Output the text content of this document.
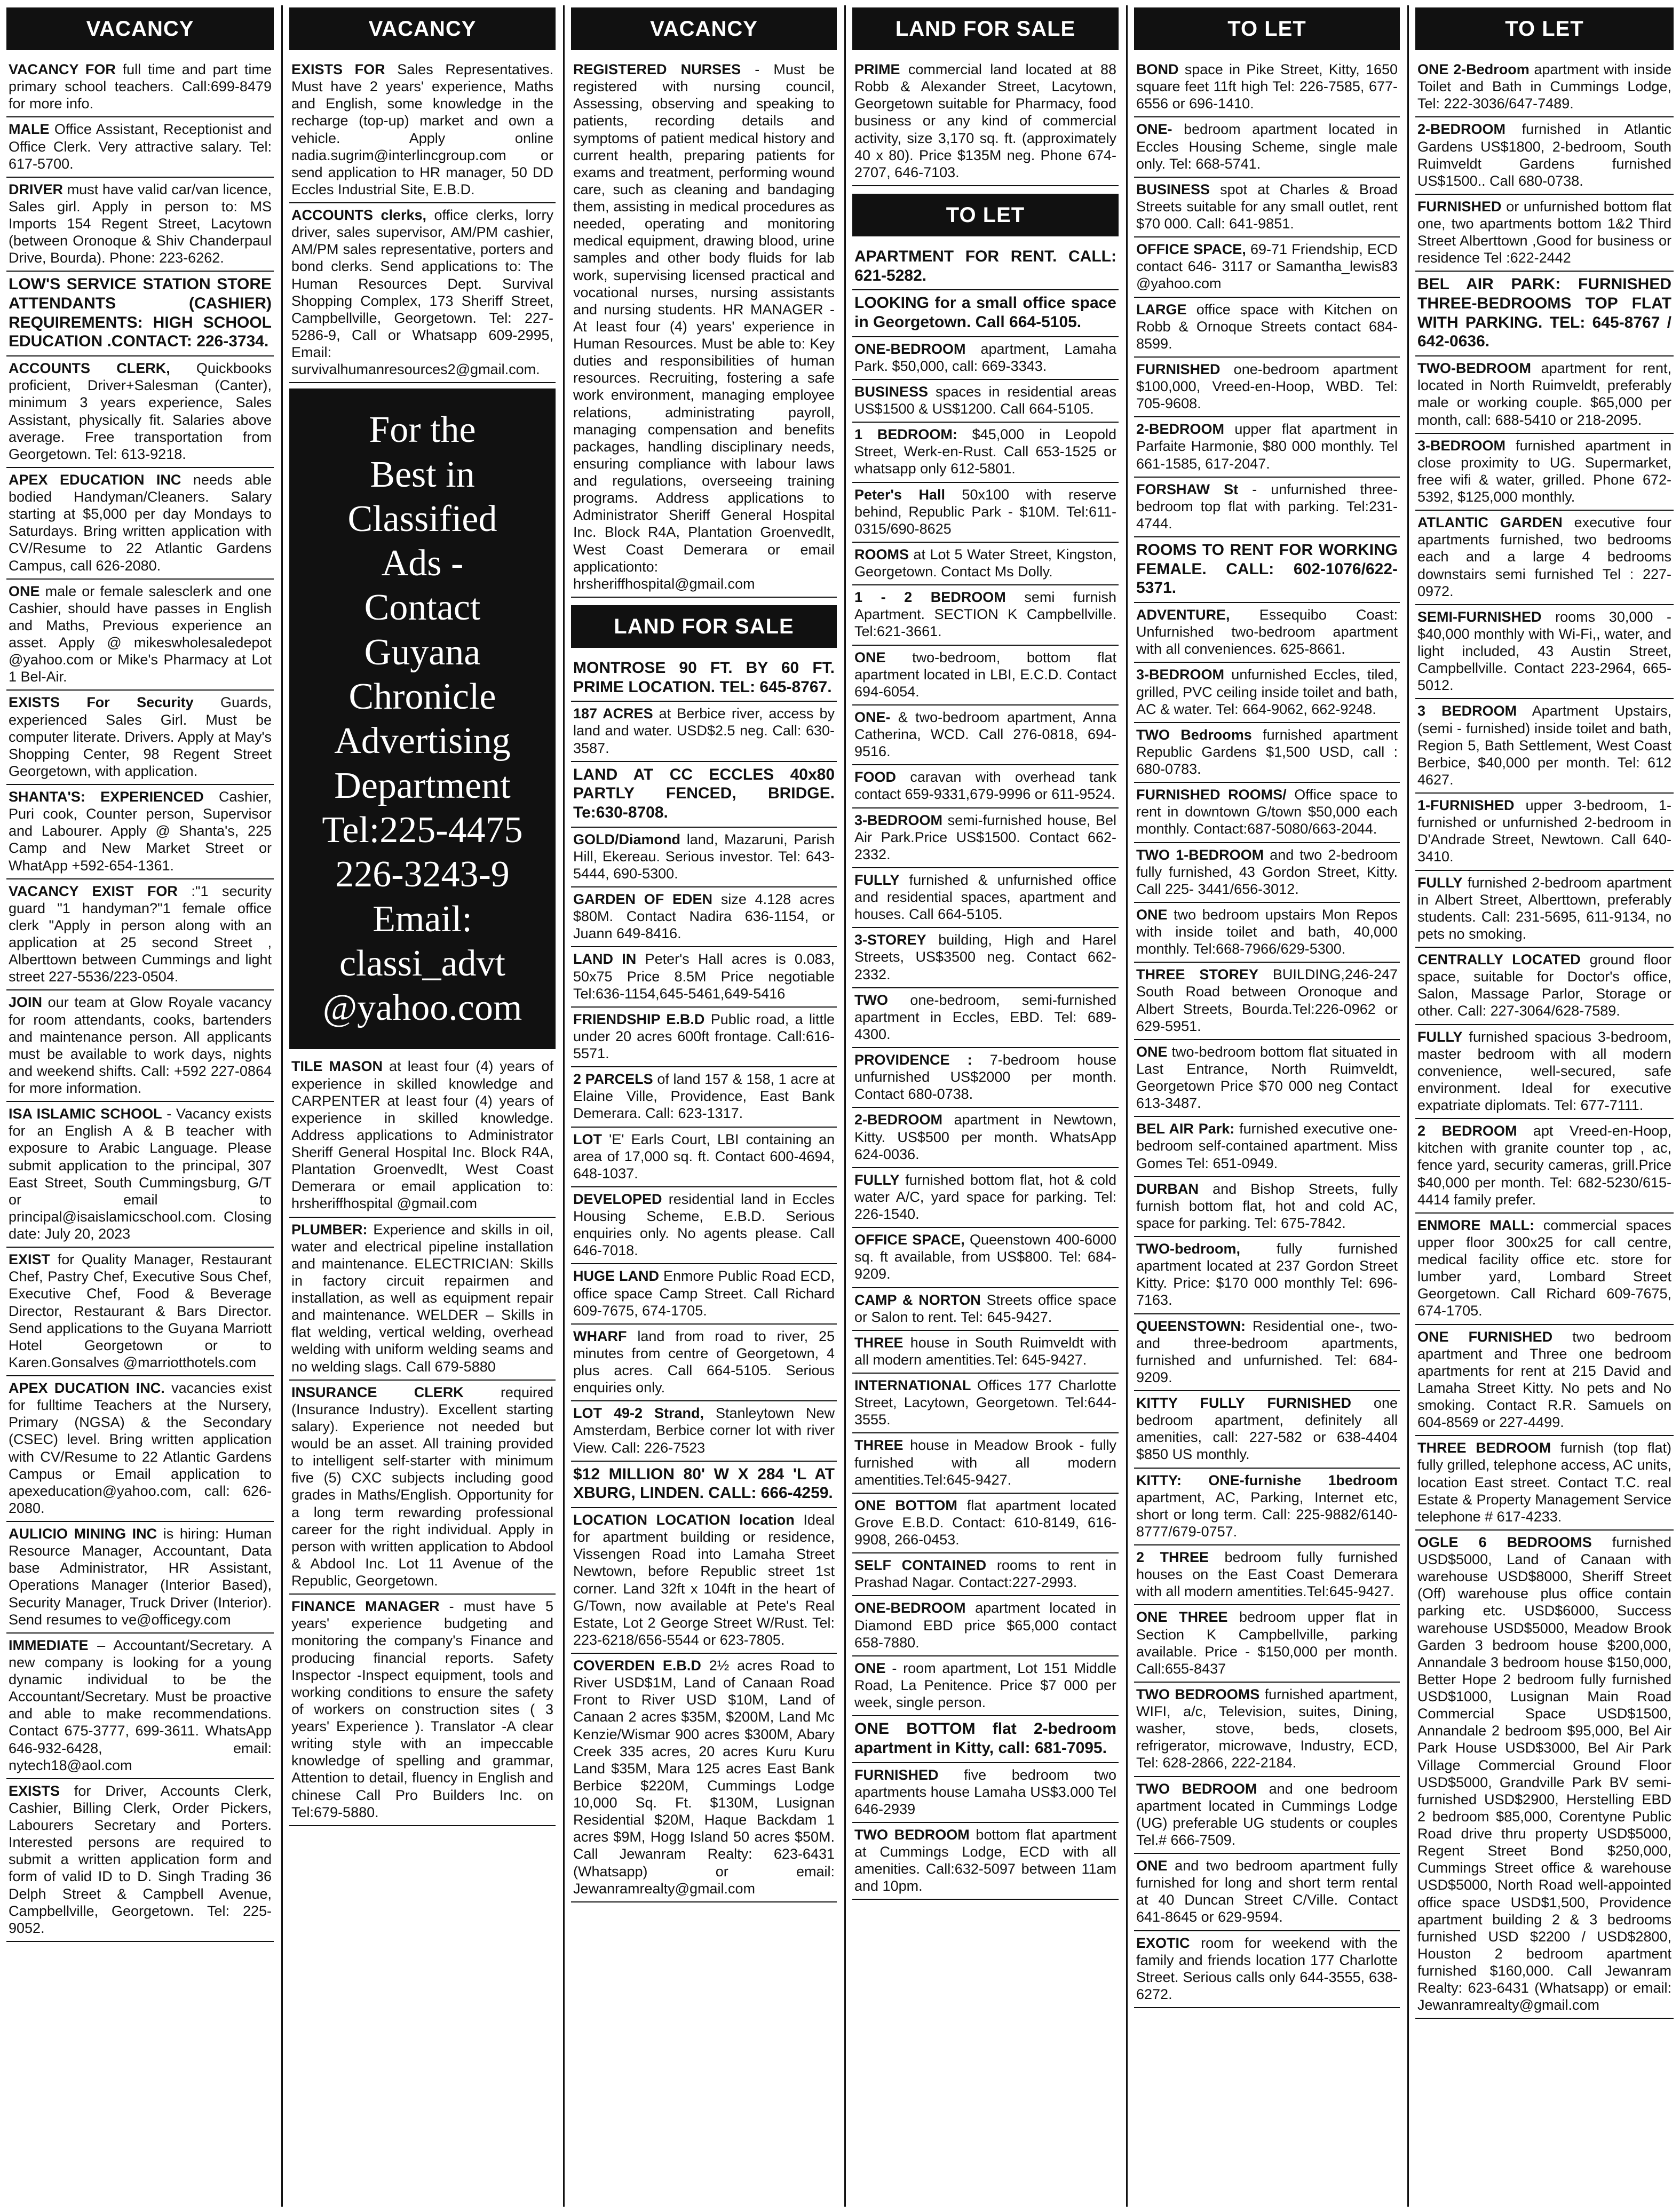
VACANCY

VACANCY FOR full time and part time primary school teachers. Call:699-8479 for more info.

MALE Office Assistant, Receptionist and Office Clerk. Very attractive salary. Tel: 617-5700.

DRIVER must have valid car/van licence, Sales girl. Apply in person to: MS Imports 154 Regent Street, Lacytown (between Oronoque & Shiv Chanderpaul Drive, Bourda). Phone: 223-6262.

LOW'S SERVICE STATION STORE ATTENDANTS (CASHIER) REQUIREMENTS: HIGH SCHOOL EDUCATION .CONTACT: 226-3734.

ACCOUNTS CLERK, Quickbooks proficient, Driver+Salesman (Canter), minimum 3 years experience, Sales Assistant, physically fit. Salaries above average. Free transportation from Georgetown. Tel: 613-9218.

APEX EDUCATION INC needs able bodied Handyman/Cleaners. Salary starting at $5,000 per day Mondays to Saturdays. Bring written application with CV/Resume to 22 Atlantic Gardens Campus, call 626-2080.

ONE male or female salesclerk and one Cashier, should have passes in English and Maths, Previous experience an asset. Apply @ mikeswholesaledepot @yahoo.com or Mike's Pharmacy at Lot 1 Bel-Air.

EXISTS For Security Guards, experienced Sales Girl. Must be computer literate. Drivers. Apply at May's Shopping Center, 98 Regent Street Georgetown, with application.

SHANTA'S: EXPERIENCED Cashier, Puri cook, Counter person, Supervisor and Labourer. Apply @ Shanta's, 225 Camp and New Market Street or WhatApp +592-654-1361.

VACANCY EXIST FOR :"1 security guard "1 handyman?"1 female office clerk "Apply in person along with an application at 25 second Street , Alberttown between Cummings and light street 227-5536/223-0504.

JOIN our team at Glow Royale vacancy for room attendants, cooks, bartenders and maintenance person. All applicants must be available to work days, nights and weekend shifts. Call: +592 227-0864 for more information.

ISA ISLAMIC SCHOOL - Vacancy exists for an English A & B teacher with exposure to Arabic Language. Please submit application to the principal, 307 East Street, South Cummingsburg, G/T or email to principal@isaislamicschool.com. Closing date: July 20, 2023

EXIST for Quality Manager, Restaurant Chef, Pastry Chef, Executive Sous Chef, Executive Chef, Food & Beverage Director, Restaurant & Bars Director. Send applications to the Guyana Marriott Hotel Georgetown or to Karen.Gonsalves @marriotthotels.com

APEX DUCATION INC. vacancies exist for fulltime Teachers at the Nursery, Primary (NGSA) & the Secondary (CSEC) level. Bring written application with CV/Resume to 22 Atlantic Gardens Campus or Email application to apexeducation@yahoo.com, call: 626-2080.

AULICIO MINING INC is hiring: Human Resource Manager, Accountant, Data base Administrator, HR Assistant, Operations Manager (Interior Based), Security Manager, Truck Driver (Interior). Send resumes to ve@officegy.com

IMMEDIATE – Accountant/Secretary. A new company is looking for a young dynamic individual to be the Accountant/Secretary. Must be proactive and able to make recommendations. Contact 675-3777, 699-3611. WhatsApp 646-932-6428, email: nytech18@aol.com

EXISTS for Driver, Accounts Clerk, Cashier, Billing Clerk, Order Pickers, Labourers Secretary and Porters. Interested persons are required to submit a written application form and form of valid ID to D. Singh Trading 36 Delph Street & Campbell Avenue, Campbellville, Georgetown. Tel: 225-9052.

VACANCY

EXISTS FOR Sales Representatives. Must have 2 years' experience, Maths and English, some knowledge in the recharge (top-up) market and own a vehicle. Apply online nadia.sugrim@interlincgroup.com or send application to HR manager, 50 DD Eccles Industrial Site, E.B.D.

ACCOUNTS clerks, office clerks, lorry driver, sales supervisor, AM/PM cashier, AM/PM sales representative, porters and bond clerks. Send applications to: The Human Resources Dept. Survival Shopping Complex, 173 Sheriff Street, Campbellville, Georgetown. Tel: 227-5286-9, Call or Whatsapp 609-2995, Email: survivalhumanresources2@gmail.com.

For the
Best in
Classified
Ads -
Contact
Guyana
Chronicle
Advertising
Department
Tel:225-4475
226-3243-9
Email:
classi_advt
@yahoo.com

TILE MASON at least four (4) years of experience in skilled knowledge and CARPENTER at least four (4) years of experience in skilled knowledge. Address applications to Administrator Sheriff General Hospital Inc. Block R4A, Plantation Groenvedlt, West Coast Demerara or email application to: hrsheriffhospital @gmail.com

PLUMBER: Experience and skills in oil, water and electrical pipeline installation and maintenance. ELECTRICIAN: Skills in factory circuit repairmen and installation, as well as equipment repair and maintenance. WELDER – Skills in flat welding, vertical welding, overhead welding with uniform welding seams and no welding slags. Call 679-5880

INSURANCE CLERK	required (Insurance Industry). Excellent starting salary). Experience not needed but would be an asset. All training provided to intelligent self-starter with minimum five (5) CXC subjects including good grades in Maths/English. Opportunity for a long term rewarding professional career for the right individual. Apply in person with written application to Abdool & Abdool Inc. Lot 11 Avenue of the Republic, Georgetown.

FINANCE MANAGER - must have 5 years' experience budgeting and monitoring the company's Finance and producing financial reports. Safety Inspector -Inspect equipment, tools and working conditions to ensure the safety of workers on construction sites ( 3 years' Experience ). Translator -A clear writing style with an impeccable knowledge of spelling and grammar, Attention to detail, fluency in English and chinese Call Pro Builders Inc. on Tel:679-5880.

VACANCY

REGISTERED NURSES - Must be registered with nursing council, Assessing, observing and speaking to patients, recording details and symptoms of patient medical history and current health, preparing patients for exams and treatment, performing wound care, such as cleaning and bandaging them, assisting in medical procedures as needed, operating and monitoring medical equipment, drawing blood, urine samples and other body fluids for lab work, supervising licensed practical and vocational nurses, nursing assistants and nursing students. HR MANAGER - At least four (4) years' experience in Human Resources. Must be able to: Key duties and responsibilities of human resources. Recruiting, fostering a safe work environment, managing employee relations, administrating payroll, managing compensation and benefits packages, handling disciplinary needs, ensuring compliance with labour laws and regulations, overseeing training programs. Address applications to Administrator Sheriff General Hospital Inc. Block R4A, Plantation Groenvedlt, West Coast Demerara or email applicationto: hrsheriffhospital@gmail.com

LAND FOR SALE

MONTROSE 90 FT. BY 60 FT. PRIME LOCATION. TEL: 645-8767.

187 ACRES at Berbice river, access by land and water. USD$2.5 neg. Call: 630-3587.

LAND AT CC ECCLES 40x80 PARTLY FENCED, BRIDGE. Te:630-8708.

GOLD/Diamond land, Mazaruni, Parish Hill, Ekereau. Serious investor. Tel: 643-5444, 690-5300.

GARDEN OF EDEN size 4.128 acres $80M. Contact Nadira 636-1154, or Juann 649-8416.

LAND IN Peter's Hall acres is 0.083, 50x75 Price 8.5M Price negotiable Tel:636-1154,645-5461,649-5416

FRIENDSHIP E.B.D Public road, a little under 20 acres 600ft frontage. Call:616-5571.

2 PARCELS of land 157 & 158, 1 acre at Elaine Ville, Providence, East Bank Demerara. Call: 623-1317.

LOT 'E' Earls Court, LBI containing an area of 17,000 sq. ft. Contact 600-4694, 648-1037.

DEVELOPED residential land in Eccles Housing Scheme, E.B.D. Serious enquiries only. No agents please. Call 646-7018.

HUGE LAND Enmore Public Road ECD, office space Camp Street. Call Richard 609-7675, 674-1705.

WHARF land from road to river, 25 minutes from centre of Georgetown, 4 plus acres. Call 664-5105. Serious enquiries only.

LOT 49-2 Strand, Stanleytown New Amsterdam, Berbice corner lot with river View. Call: 226-7523

$12 MILLION 80' W X 284 'L AT XBURG, LINDEN. CALL: 666-4259.

LOCATION LOCATION location Ideal for apartment building or residence, Vissengen Road into Lamaha Street Newtown, before Republic street 1st corner. Land 32ft x 104ft in the heart of G/Town, now available at Pete's Real Estate, Lot 2 George Street W/Rust. Tel: 223-6218/656-5544 or 623-7805.

COVERDEN E.B.D 2½ acres Road to River USD$1M, Land of Canaan Road Front to River USD $10M, Land of Canaan 2 acres $35M, $200M, Land Mc Kenzie/Wismar 900 acres $300M, Abary Creek 335 acres, 20 acres Kuru Kuru Land $35M, Mara 125 acres East Bank Berbice $220M, Cummings Lodge 10,000 Sq. Ft. $130M, Lusignan Residential $20M, Haque Backdam 1 acres $9M, Hogg Island 50 acres $50M. Call Jewanram Realty: 623-6431 (Whatsapp) or email: Jewanramrealty@gmail.com

LAND FOR SALE

PRIME commercial land located at 88 Robb & Alexander Street, Lacytown, Georgetown suitable for Pharmacy, food business or any kind of commercial activity, size 3,170 sq. ft. (approximately 40 x 80). Price $135M neg. Phone 674-2707, 646-7103.

TO LET

APARTMENT FOR RENT. CALL: 621-5282.

LOOKING for a small office space in Georgetown. Call 664-5105.

ONE-BEDROOM apartment, Lamaha Park. $50,000, call: 669-3343.

BUSINESS spaces in residential areas US$1500 & US$1200. Call 664-5105.

1 BEDROOM: $45,000 in Leopold Street, Werk-en-Rust. Call 653-1525 or whatsapp only 612-5801.

Peter's Hall 50x100 with reserve behind, Republic Park - $10M. Tel:611-0315/690-8625

ROOMS at Lot 5 Water Street, Kingston, Georgetown. Contact Ms Dolly.

1 - 2 BEDROOM semi furnish Apartment. SECTION K Campbellville. Tel:621-3661.

ONE two-bedroom, bottom flat apartment located in LBI, E.C.D. Contact 694-6054.

ONE- & two-bedroom apartment, Anna Catherina, WCD. Call 276-0818, 694-9516.

FOOD caravan with overhead tank contact 659-9331,679-9996 or 611-9524.

3-BEDROOM semi-furnished house, Bel Air Park.Price US$1500. Contact 662-2332.

FULLY furnished & unfurnished office and residential spaces, apartment and houses. Call 664-5105.

3-STOREY building, High and Harel Streets, US$3500 neg. Contact 662-2332.

TWO one-bedroom, semi-furnished apartment in Eccles, EBD. Tel: 689-4300.

PROVIDENCE : 7-bedroom house unfurnished US$2000 per month. Contact 680-0738.

2-BEDROOM apartment in Newtown, Kitty. US$500 per month. WhatsApp 624-0036.

FULLY furnished bottom flat, hot & cold water A/C, yard space for parking. Tel: 226-1540.

OFFICE SPACE, Queenstown 400-6000 sq. ft available, from US$800. Tel: 684-9209.

CAMP & NORTON Streets office space or Salon to rent. Tel: 645-9427.

THREE house in South Ruimveldt with all modern amentities.Tel: 645-9427.

INTERNATIONAL Offices 177 Charlotte Street, Lacytown, Georgetown. Tel:644-3555.

THREE house in Meadow Brook - fully furnished with all modern amentities.Tel:645-9427.

ONE BOTTOM flat apartment located Grove E.B.D. Contact: 610-8149, 616-9908, 266-0453.

SELF CONTAINED rooms to rent in Prashad Nagar. Contact:227-2993.

ONE-BEDROOM apartment located in Diamond EBD price $65,000 contact 658-7880.

ONE - room apartment, Lot 151 Middle Road, La Penitence. Price $7 000 per week, single person.

ONE BOTTOM flat 2-bedroom apartment in Kitty, call: 681-7095.

FURNISHED five bedroom two apartments house Lamaha US$3.000 Tel 646-2939

TWO BEDROOM bottom flat apartment at Cummings Lodge, ECD with all amenities. Call:632-5097 between 11am and 10pm.

TO LET

BOND space in Pike Street, Kitty, 1650 square feet 11ft high Tel: 226-7585, 677-6556 or 696-1410.

ONE- bedroom apartment located in Eccles Housing Scheme, single male only. Tel: 668-5741.

BUSINESS spot at Charles & Broad Streets suitable for any small outlet, rent $70 000. Call: 641-9851.

OFFICE SPACE, 69-71 Friendship, ECD contact 646- 3117 or Samantha_lewis83 @yahoo.com

LARGE office space with Kitchen on Robb & Ornoque Streets contact 684-8599.

FURNISHED one-bedroom apartment $100,000, Vreed-en-Hoop, WBD. Tel: 705-9608.

2-BEDROOM upper flat apartment in Parfaite Harmonie, $80 000 monthly. Tel 661-1585, 617-2047.

FORSHAW St - unfurnished three-bedroom top flat with parking. Tel:231-4744.

ROOMS TO RENT FOR WORKING FEMALE. CALL: 602-1076/622-5371.

ADVENTURE, Essequibo Coast: Unfurnished two-bedroom apartment with all conveniences. 625-8661.

3-BEDROOM unfurnished Eccles, tiled, grilled, PVC ceiling inside toilet and bath, AC & water. Tel: 664-9062, 662-9248.

TWO Bedrooms furnished apartment Republic Gardens $1,500 USD, call : 680-0783.

FURNISHED ROOMS/ Office space to rent in downtown G/town $50,000 each monthly. Contact:687-5080/663-2044.

TWO 1-BEDROOM and two 2-bedroom fully furnished, 43 Gordon Street, Kitty. Call 225- 3441/656-3012.

ONE two bedroom upstairs Mon Repos with inside toilet and bath, 40,000 monthly. Tel:668-7966/629-5300.

THREE STOREY BUILDING,246-247 South Road between Oronoque and Albert Streets, Bourda.Tel:226-0962 or 629-5951.

ONE two-bedroom bottom flat situated in Last Entrance, North Ruimveldt, Georgetown Price $70 000 neg Contact 613-3487.

BEL AIR Park: furnished executive one-bedroom self-contained apartment. Miss Gomes Tel: 651-0949.

DURBAN and Bishop Streets, fully furnish bottom flat, hot and cold AC, space for parking. Tel: 675-7842.

TWO-bedroom,	fully furnished apartment located at 237 Gordon Street Kitty. Price: $170 000 monthly Tel: 696-7163.

QUEENSTOWN: Residential one-, two- and three-bedroom apartments, furnished and unfurnished. Tel: 684-9209.

KITTY FULLY FURNISHED one bedroom apartment, definitely all amenities, call: 227-582 or 638-4404 $850 US monthly.

KITTY: ONE-furnishe 1bedroom apartment, AC, Parking, Internet etc, short or long term. Call: 225-9882/6140-8777/679-0757.

2 THREE bedroom fully furnished houses on the East Coast Demerara with all modern amentities.Tel:645-9427.

ONE THREE bedroom upper flat in Section K Campbellville, parking available. Price - $150,000 per month. Call:655-8437

TWO BEDROOMS furnished apartment, WIFI, a/c, Television, suites, Dining, washer, stove, beds, closets, refrigerator, microwave, Industry, ECD, Tel: 628-2866, 222-2184.

TWO BEDROOM and one bedroom apartment located in Cummings Lodge (UG) preferable UG students or couples Tel.# 666-7509.

ONE and two bedroom apartment fully furnished for long and short term rental at 40 Duncan Street C/Ville. Contact 641-8645 or 629-9594.

EXOTIC room for weekend with the family and friends location 177 Charlotte Street. Serious calls only 644-3555, 638-6272.

TO LET

ONE 2-Bedroom apartment with inside Toilet and Bath in Cummings Lodge, Tel: 222-3036/647-7489.

2-BEDROOM furnished in Atlantic Gardens US$1800, 2-bedroom, South Ruimveldt Gardens furnished US$1500.. Call 680-0738.

FURNISHED or unfurnished bottom flat one, two apartments bottom 1&2 Third Street Alberttown ,Good for business or residence Tel :622-2442

BEL AIR PARK: FURNISHED THREE-BEDROOMS TOP FLAT WITH PARKING. TEL: 645-8767 / 642-0636.

TWO-BEDROOM apartment for rent, located in North Ruimveldt, preferably male or working couple. $65,000 per month, call: 688-5410 or 218-2095.

3-BEDROOM furnished apartment in close proximity to UG. Supermarket, free wifi & water, grilled. Phone 672-5392, $125,000 monthly.

ATLANTIC GARDEN executive four apartments furnished, two bedrooms each and a large 4 bedrooms downstairs semi furnished Tel : 227-0972.

SEMI-FURNISHED rooms 30,000 - $40,000 monthly with Wi-Fi,, water, and light included, 43 Austin Street, Campbellville. Contact 223-2964, 665-5012.

3 BEDROOM Apartment Upstairs, (semi - furnished) inside toilet and bath, Region 5, Bath Settlement, West Coast Berbice, $40,000 per month. Tel: 612 4627.

1-FURNISHED upper 3-bedroom, 1-furnished or unfurnished 2-bedroom in D'Andrade Street, Newtown. Call 640-3410.

FULLY furnished 2-bedroom apartment in Albert Street, Alberttown, preferably students. Call: 231-5695, 611-9134, no pets no smoking.

CENTRALLY LOCATED ground floor space, suitable for Doctor's office, Salon, Massage Parlor, Storage or other. Call: 227-3064/628-7589.

FULLY furnished spacious 3-bedroom, master bedroom with all modern convenience, well-secured, safe environment. Ideal for executive expatriate diplomats. Tel: 677-7111.

2 BEDROOM apt Vreed-en-Hoop, kitchen with granite counter top , ac, fence yard, security cameras, grill.Price $40,000 per month. Tel: 682-5230/615-4414 family prefer.

ENMORE MALL: commercial spaces upper floor 300x25 for call centre, medical facility office etc. store for lumber yard, Lombard Street Georgetown. Call Richard 609-7675, 674-1705.

ONE FURNISHED two bedroom apartment and Three one bedroom apartments for rent at 215 David and Lamaha Street Kitty. No pets and No smoking. Contact R.R. Samuels on 604-8569 or 227-4499.

THREE BEDROOM furnish (top flat) fully grilled, telephone access, AC units, location East street. Contact T.C. real Estate & Property Management Service telephone # 617-4233.

OGLE 6 BEDROOMS furnished USD$5000, Land of Canaan with warehouse USD$8000, Sheriff Street (Off) warehouse plus office contain parking etc. USD$6000, Success warehouse USD$5000, Meadow Brook Garden 3 bedroom house $200,000, Annandale 3 bedroom house $150,000, Better Hope 2 bedroom fully furnished USD$1000, Lusignan Main Road Commercial Space USD$1500, Annandale 2 bedroom $95,000, Bel Air Park House USD$3000, Bel Air Park Village Commercial Ground Floor USD$5000, Grandville Park BV semi-furnished USD$2900, Herstelling EBD 2 bedroom $85,000, Corentyne Public Road drive thru property USD$5000, Regent Street Bond $250,000, Cummings Street office & warehouse USD$5000, North Road well-appointed office space USD$1,500, Providence apartment building 2 & 3 bedrooms furnished USD $2200 / USD$2800, Houston 2 bedroom apartment furnished $160,000. Call Jewanram Realty: 623-6431 (Whatsapp) or email: Jewanramrealty@gmail.com
